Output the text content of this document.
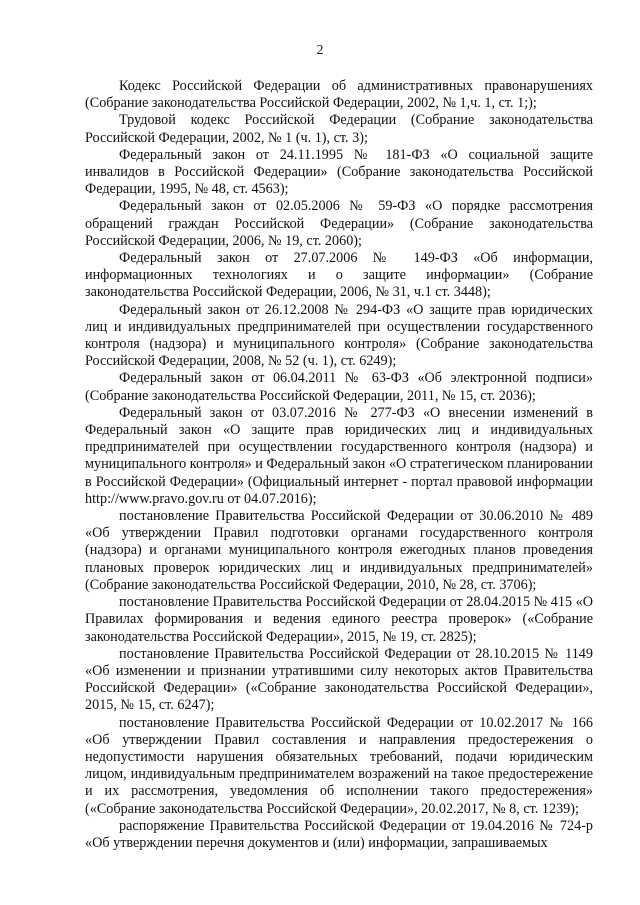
2

Кодекс Российской Федерации об административных правонарушениях (Собрание законодательства Российской Федерации, 2002, № 1,ч. 1, ст. 1;);

Трудовой кодекс Российской Федерации (Собрание законодательства Российской Федерации, 2002, № 1 (ч. 1), ст. 3);

Федеральный закон от 24.11.1995 № 181-ФЗ «О социальной защите инвалидов в Российской Федерации» (Собрание законодательства Российской Федерации, 1995, № 48, ст. 4563);

Федеральный закон от 02.05.2006 № 59-ФЗ «О порядке рассмотрения обращений граждан Российской Федерации» (Собрание законодательства Российской Федерации, 2006, № 19, ст. 2060);

Федеральный закон от 27.07.2006 № 149-ФЗ «Об информации, информационных технологиях и о защите информации» (Собрание законодательства Российской Федерации, 2006, № 31, ч.1 ст. 3448);

Федеральный закон от 26.12.2008 № 294-ФЗ «О защите прав юридических лиц и индивидуальных предпринимателей при осуществлении государственного контроля (надзора) и муниципального контроля» (Собрание законодательства Российской Федерации, 2008, № 52 (ч. 1), ст. 6249);

Федеральный закон от 06.04.2011 № 63-ФЗ «Об электронной подписи» (Собрание законодательства Российской Федерации, 2011, № 15, ст. 2036);

Федеральный закон от 03.07.2016 № 277-ФЗ «О внесении изменений в Федеральный закон «О защите прав юридических лиц и индивидуальных предпринимателей при осуществлении государственного контроля (надзора) и муниципального контроля» и Федеральный закон «О стратегическом планировании в Российской Федерации» (Официальный интернет - портал правовой информации http://www.pravo.gov.ru от 04.07.2016);

постановление Правительства Российской Федерации от 30.06.2010 № 489 «Об утверждении Правил подготовки органами государственного контроля (надзора) и органами муниципального контроля ежегодных планов проведения плановых проверок юридических лиц и индивидуальных предпринимателей» (Собрание законодательства Российской Федерации, 2010, № 28, ст. 3706);

постановление Правительства Российской Федерации от 28.04.2015 № 415 «О Правилах формирования и ведения единого реестра проверок» («Собрание законодательства Российской Федерации», 2015, № 19, ст. 2825);

постановление Правительства Российской Федерации от 28.10.2015 № 1149 «Об изменении и признании утратившими силу некоторых актов Правительства Российской Федерации» («Собрание законодательства Российской Федерации», 2015, № 15, ст. 6247);

постановление Правительства Российской Федерации от 10.02.2017 № 166 «Об утверждении Правил составления и направления предостережения о недопустимости нарушения обязательных требований, подачи юридическим лицом, индивидуальным предпринимателем возражений на такое предостережение и их рассмотрения, уведомления об исполнении такого предостережения» («Собрание законодательства Российской Федерации», 20.02.2017, № 8, ст. 1239);

распоряжение Правительства Российской Федерации от 19.04.2016 № 724-р «Об утверждении перечня документов и (или) информации, запрашиваемых
